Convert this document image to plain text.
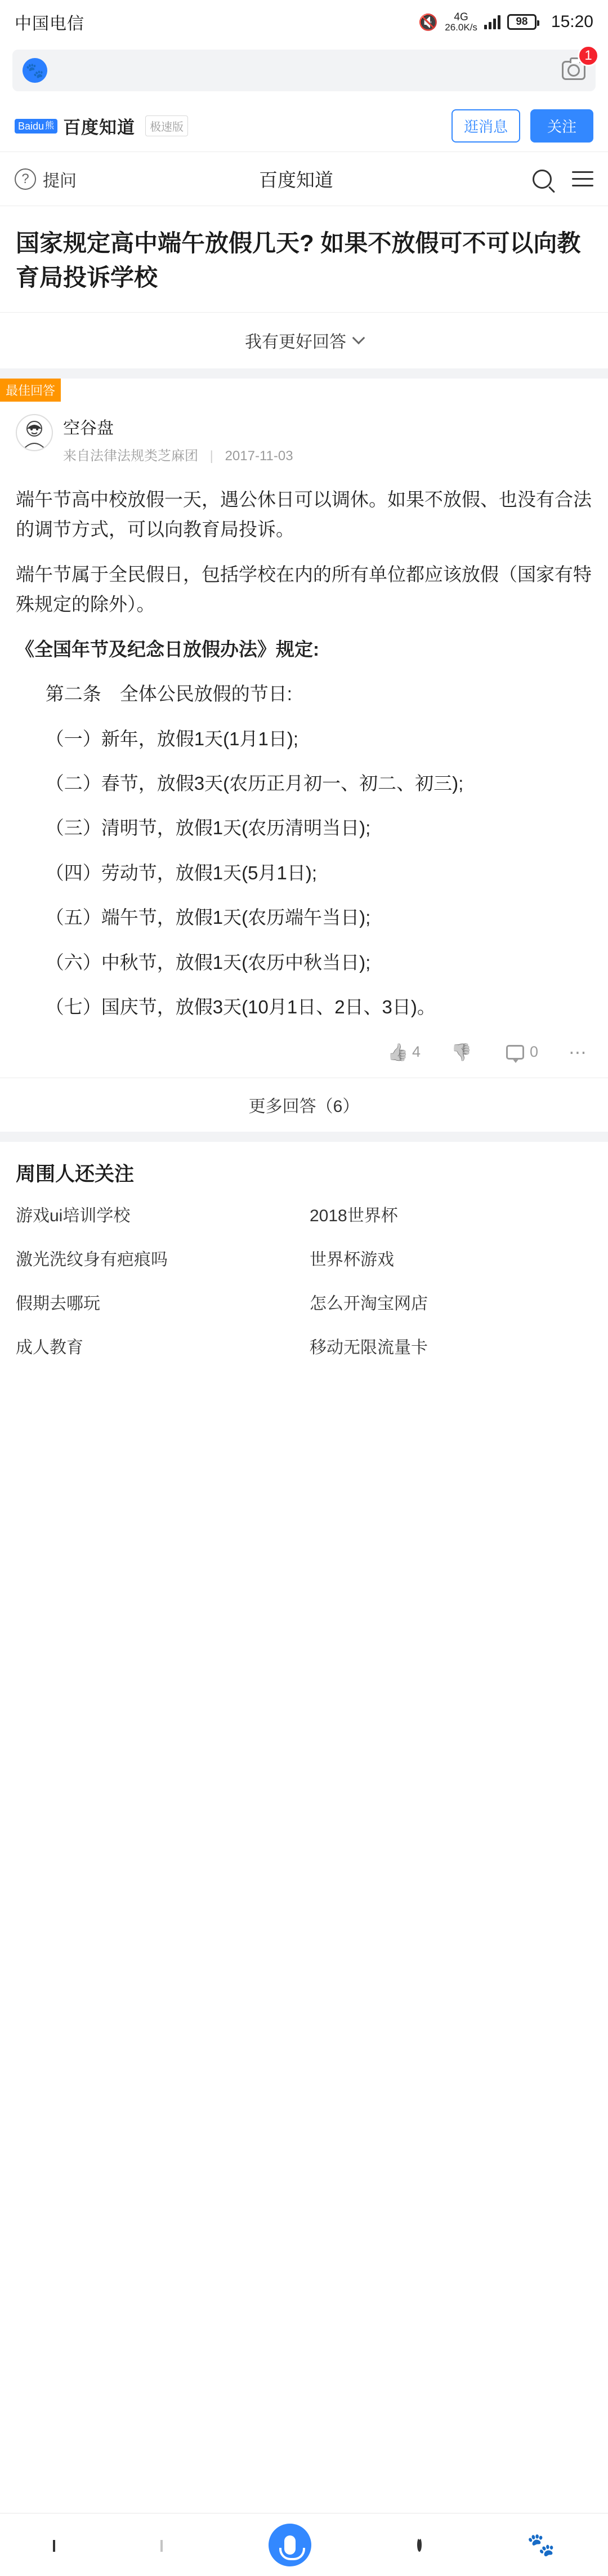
中国电信	🔇	4G
26.0K/s	98 15:20
🐾
1
Baidu 熊 百度知道	极速版	逛消息	关注
? 提问	百度知道
国家规定高中端午放假几天? 如果不放假可不可以向教育局投诉学校
我有更好回答
最佳回答
空谷盘
来自法律法规类芝麻团 | 2017-11-03

端午节高中校放假一天，遇公休日可以调休。如果不放假、也没有合法的调节方式，可以向教育局投诉。

端午节属于全民假日，包括学校在内的所有单位都应该放假（国家有特殊规定的除外）。

《全国年节及纪念日放假办法》规定:

第二条　全体公民放假的节日:

（一）新年，放假1天(1月1日);

（二）春节，放假3天(农历正月初一、初二、初三);

（三）清明节，放假1天(农历清明当日);

（四）劳动节，放假1天(5月1日);

（五）端午节，放假1天(农历端午当日);

（六）中秋节，放假1天(农历中秋当日);

（七）国庆节，放假3天(10月1日、2日、3日)。

👍
4 👎	0 ⋯
更多回答（6）
周围人还关注
游戏ui培训学校	2018世界杯
激光洗纹身有疤痕吗	世界杯游戏
假期去哪玩	怎么开淘宝网店
成人教育	移动无限流量卡
🐾
